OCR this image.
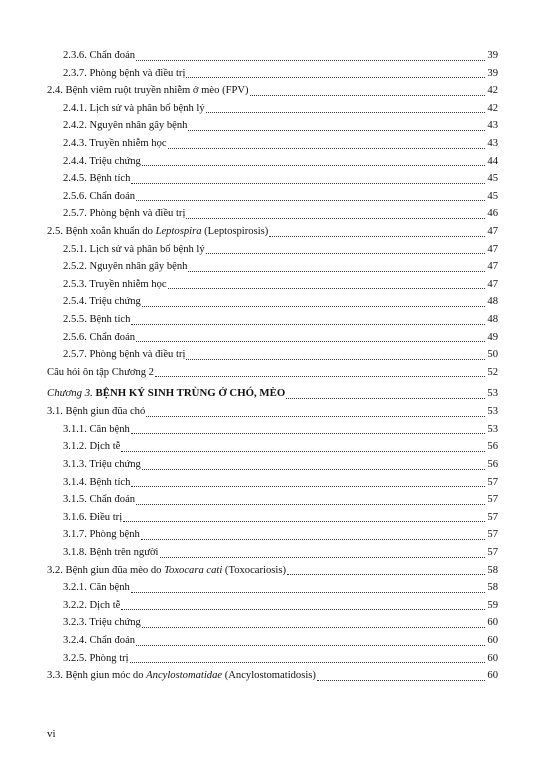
2.3.6. Chẩn đoán	39
2.3.7. Phòng bệnh và điều trị	39
2.4. Bệnh viêm ruột truyền nhiễm ở mèo (FPV)	42
2.4.1. Lịch sử và phân bố bệnh lý	42
2.4.2. Nguyên nhân gây bệnh	43
2.4.3. Truyền nhiễm học	43
2.4.4. Triệu chứng	44
2.4.5. Bệnh tích	45
2.5.6. Chẩn đoán	45
2.5.7. Phòng bệnh và điều trị	46
2.5. Bệnh xoắn khuẩn do Leptospira (Leptospirosis)	47
2.5.1. Lịch sử và phân bố bệnh lý	47
2.5.2. Nguyên nhân gây bệnh	47
2.5.3. Truyền nhiễm học	47
2.5.4. Triệu chứng	48
2.5.5. Bệnh tích	48
2.5.6. Chẩn đoán	49
2.5.7. Phòng bệnh và điều trị	50
Câu hỏi ôn tập Chương 2	52
Chương 3. BỆNH KÝ SINH TRÙNG Ở CHÓ, MÈO	53
3.1. Bệnh giun đũa chó	53
3.1.1. Căn bệnh	53
3.1.2. Dịch tễ	56
3.1.3. Triệu chứng	56
3.1.4. Bệnh tích	57
3.1.5. Chẩn đoán	57
3.1.6. Điều trị	57
3.1.7. Phòng bệnh	57
3.1.8. Bệnh trên người	57
3.2. Bệnh giun đũa mèo do Toxocara cati (Toxocariosis)	58
3.2.1. Căn bệnh	58
3.2.2. Dịch tễ	59
3.2.3. Triệu chứng	60
3.2.4. Chẩn đoán	60
3.2.5. Phòng trị	60
3.3. Bệnh giun móc do Ancylostomatidae (Ancylostomatidosis)	60
vi
